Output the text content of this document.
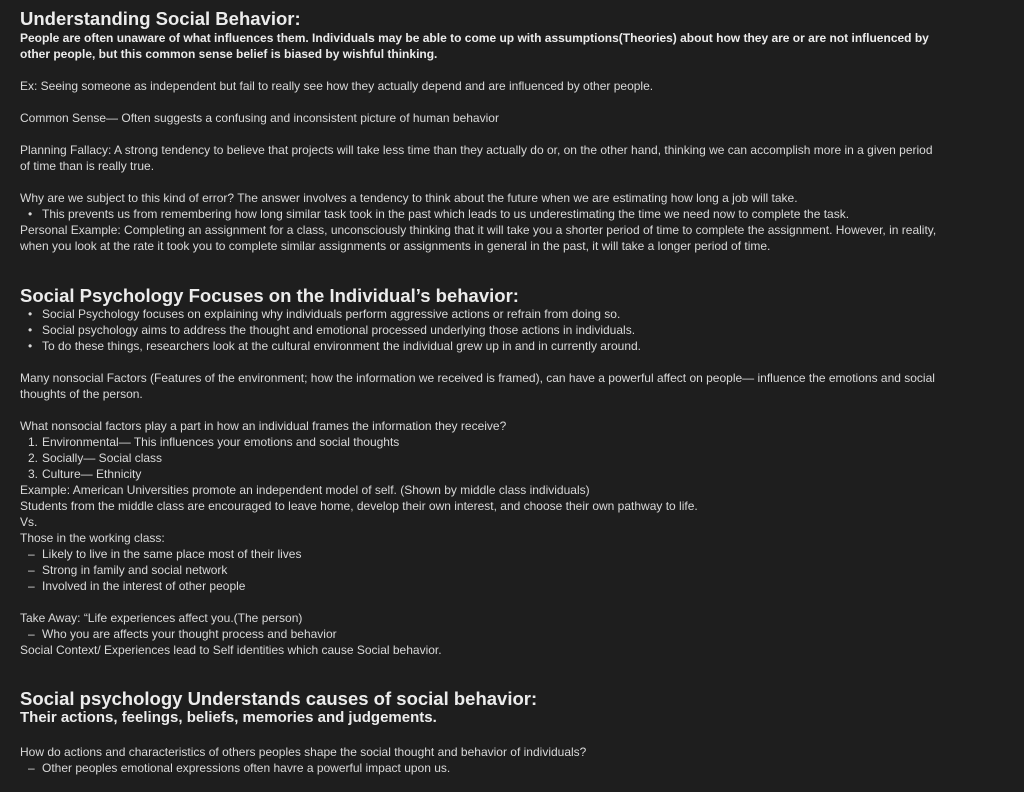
Understanding Social Behavior:
People are often unaware of what influences them. Individuals may be able to come up with assumptions(Theories) about how they are or are not influenced by
other people, but this common sense belief is biased by wishful thinking.
Ex: Seeing someone as independent but fail to really see how they actually depend and are influenced by other people.
Common Sense— Often suggests a confusing and inconsistent picture of human behavior
Planning Fallacy: A strong tendency to believe that projects will take less time than they actually do or, on the other hand, thinking we can accomplish more in a given period
of time than is really true.
Why are we subject to this kind of error? The answer involves a tendency to think about the future when we are estimating how long a job will take.
• This prevents us from remembering how long similar task took in the past which leads to us underestimating the time we need now to complete the task.
Personal Example: Completing an assignment for a class, unconsciously thinking that it will take you a shorter period of time to complete the assignment. However, in reality,
when you look at the rate it took you to complete similar assignments or assignments in general in the past, it will take a longer period of time.
Social Psychology Focuses on the Individual’s behavior:
• Social Psychology focuses on explaining why individuals perform aggressive actions or refrain from doing so.
• Social psychology aims to address the thought and emotional processed underlying those actions in individuals.
• To do these things, researchers look at the cultural environment the individual grew up in and in currently around.
Many nonsocial Factors (Features of the environment; how the information we received is framed), can have a powerful affect on people— influence the emotions and social
thoughts of the person.
What nonsocial factors play a part in how an individual frames the information they receive?
1. Environmental— This influences your emotions and social thoughts
2. Socially— Social class
3. Culture— Ethnicity
Example: American Universities promote an independent model of self. (Shown by middle class individuals)
Students from the middle class are encouraged to leave home, develop their own interest, and choose their own pathway to life.
Vs.
Those in the working class:
– Likely to live in the same place most of their lives
– Strong in family and social network
– Involved in the interest of other people
Take Away: “Life experiences affect you.(The person)
– Who you are affects your thought process and behavior
Social Context/ Experiences lead to Self identities which cause Social behavior.
Social psychology Understands causes of social behavior:
Their actions, feelings, beliefs, memories and judgements.
How do actions and characteristics of others peoples shape the social thought and behavior of individuals?
– Other peoples emotional expressions often havre a powerful impact upon us.
